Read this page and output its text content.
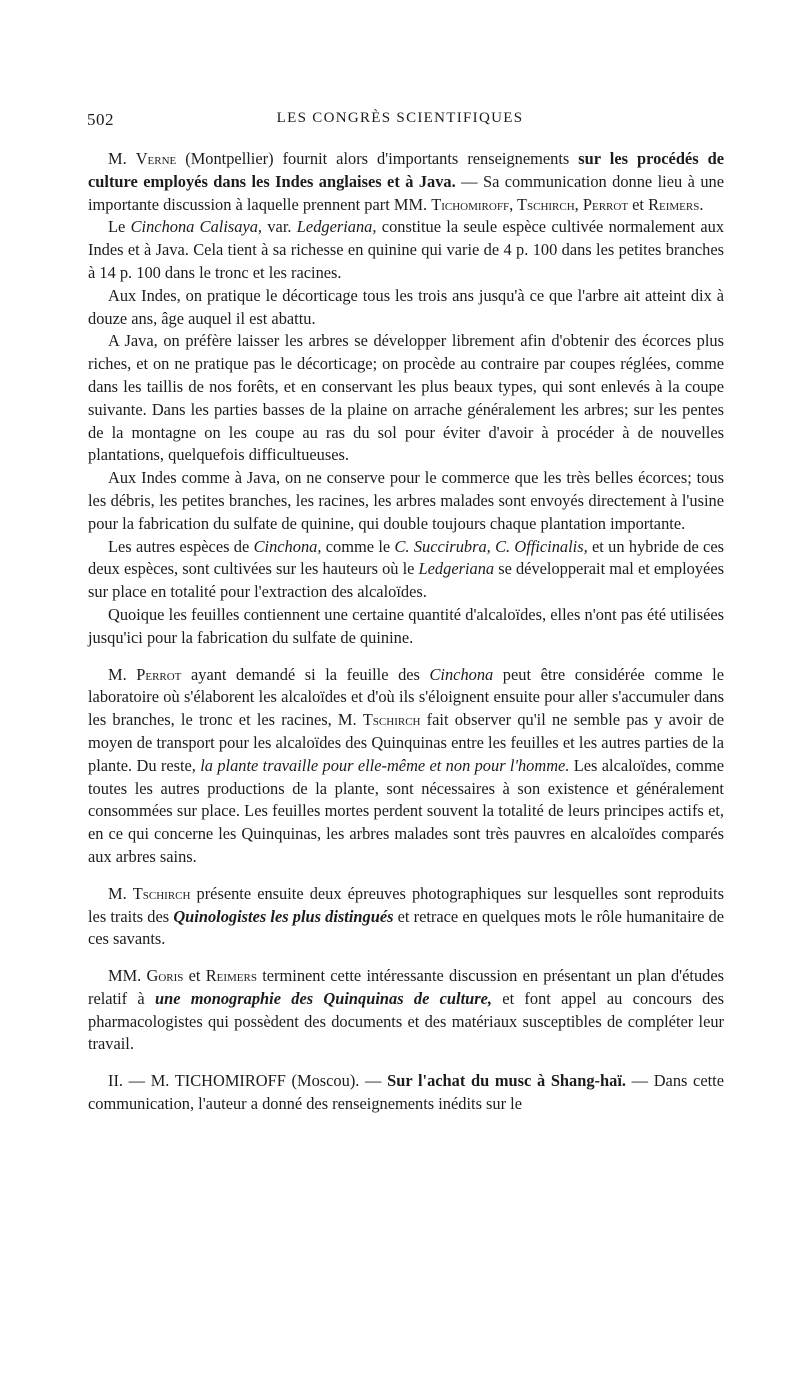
502	LES CONGRÈS SCIENTIFIQUES

M. Verne (Montpellier) fournit alors d'importants renseignements sur les procédés de culture employés dans les Indes anglaises et à Java. — Sa communication donne lieu à une importante discussion à laquelle prennent part MM. Tichomiroff, Tschirch, Perrot et Reimers.

Le Cinchona Calisaya, var. Ledgeriana, constitue la seule espèce cultivée normalement aux Indes et à Java. Cela tient à sa richesse en quinine qui varie de 4 p. 100 dans les petites branches à 14 p. 100 dans le tronc et les racines.

Aux Indes, on pratique le décorticage tous les trois ans jusqu'à ce que l'arbre ait atteint dix à douze ans, âge auquel il est abattu.

A Java, on préfère laisser les arbres se développer librement afin d'obtenir des écorces plus riches, et on ne pratique pas le décorticage; on procède au contraire par coupes réglées, comme dans les taillis de nos forêts, et en conservant les plus beaux types, qui sont enlevés à la coupe suivante. Dans les parties basses de la plaine on arrache généralement les arbres; sur les pentes de la montagne on les coupe au ras du sol pour éviter d'avoir à procéder à de nouvelles plantations, quelquefois difficultueuses.

Aux Indes comme à Java, on ne conserve pour le commerce que les très belles écorces; tous les débris, les petites branches, les racines, les arbres malades sont envoyés directement à l'usine pour la fabrication du sulfate de quinine, qui double toujours chaque plantation importante.

Les autres espèces de Cinchona, comme le C. Succirubra, C. Officinalis, et un hybride de ces deux espèces, sont cultivées sur les hauteurs où le Ledgeriana se développerait mal et employées sur place en totalité pour l'extraction des alcaloïdes.

Quoique les feuilles contiennent une certaine quantité d'alcaloïdes, elles n'ont pas été utilisées jusqu'ici pour la fabrication du sulfate de quinine.

M. Perrot ayant demandé si la feuille des Cinchona peut être considérée comme le laboratoire où s'élaborent les alcaloïdes et d'où ils s'éloignent ensuite pour aller s'accumuler dans les branches, le tronc et les racines, M. Tschirch fait observer qu'il ne semble pas y avoir de moyen de transport pour les alcaloïdes des Quinquinas entre les feuilles et les autres parties de la plante. Du reste, la plante travaille pour elle-même et non pour l'homme. Les alcaloïdes, comme toutes les autres productions de la plante, sont nécessaires à son existence et généralement consommées sur place. Les feuilles mortes perdent souvent la totalité de leurs principes actifs et, en ce qui concerne les Quinquinas, les arbres malades sont très pauvres en alcaloïdes comparés aux arbres sains.

M. Tschirch présente ensuite deux épreuves photographiques sur lesquelles sont reproduits les traits des Quinologistes les plus distingués et retrace en quelques mots le rôle humanitaire de ces savants.

MM. Goris et Reimers terminent cette intéressante discussion en présentant un plan d'études relatif à une monographie des Quinquinas de culture, et font appel au concours des pharmacologistes qui possèdent des documents et des matériaux susceptibles de compléter leur travail.

II. — M. TICHOMIROFF (Moscou). — Sur l'achat du musc à Shang-haï. — Dans cette communication, l'auteur a donné des renseignements inédits sur le
